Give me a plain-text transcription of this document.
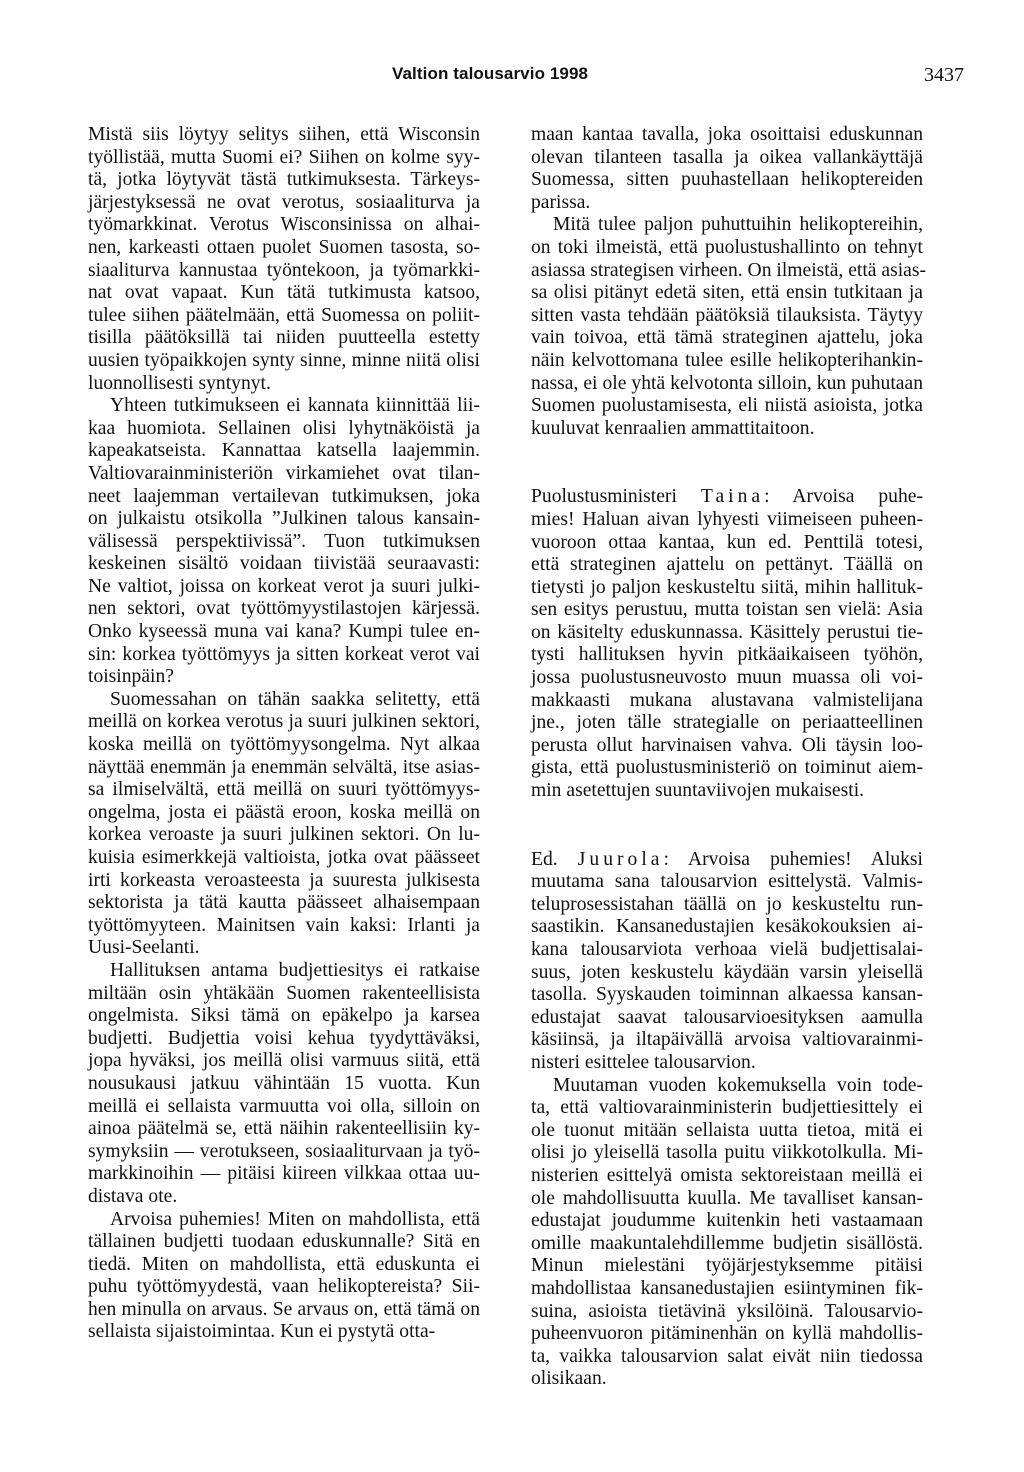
Valtion talousarvio 1998	3437
Mistä siis löytyy selitys siihen, että Wisconsin
työllistää, mutta Suomi ei? Siihen on kolme syy-
tä, jotka löytyvät tästä tutkimuksesta. Tärkeys-
järjestyksessä ne ovat verotus, sosiaaliturva ja
työmarkkinat. Verotus Wisconsinissa on alhai-
nen, karkeasti ottaen puolet Suomen tasosta, so-
siaaliturva kannustaa työntekoon, ja työmarkki-
nat ovat vapaat. Kun tätä tutkimusta katsoo,
tulee siihen päätelmään, että Suomessa on poliit-
tisilla päätöksillä tai niiden puutteella estetty
uusien työpaikkojen synty sinne, minne niitä olisi
luonnollisesti syntynyt.
Yhteen tutkimukseen ei kannata kiinnittää lii-
kaa huomiota. Sellainen olisi lyhytnäköistä ja
kapeakatseista. Kannattaa katsella laajemmin.
Valtiovarainministeriön virkamiehet ovat tilan-
neet laajemman vertailevan tutkimuksen, joka
on julkaistu otsikolla ”Julkinen talous kansain-
välisessä perspektiivissä”. Tuon tutkimuksen
keskeinen sisältö voidaan tiivistää seuraavasti:
Ne valtiot, joissa on korkeat verot ja suuri julki-
nen sektori, ovat työttömyystilastojen kärjessä.
Onko kyseessä muna vai kana? Kumpi tulee en-
sin: korkea työttömyys ja sitten korkeat verot vai
toisinpäin?
Suomessahan on tähän saakka selitetty, että
meillä on korkea verotus ja suuri julkinen sektori,
koska meillä on työttömyysongelma. Nyt alkaa
näyttää enemmän ja enemmän selvältä, itse asias-
sa ilmiselvältä, että meillä on suuri työttömyys-
ongelma, josta ei päästä eroon, koska meillä on
korkea veroaste ja suuri julkinen sektori. On lu-
kuisia esimerkkejä valtioista, jotka ovat päässeet
irti korkeasta veroasteesta ja suuresta julkisesta
sektorista ja tätä kautta päässeet alhaisempaan
työttömyyteen. Mainitsen vain kaksi: Irlanti ja
Uusi-Seelanti.
Hallituksen antama budjettiesitys ei ratkaise
miltään osin yhtäkään Suomen rakenteellisista
ongelmista. Siksi tämä on epäkelpo ja karsea
budjetti. Budjettia voisi kehua tyydyttäväksi,
jopa hyväksi, jos meillä olisi varmuus siitä, että
nousukausi jatkuu vähintään 15 vuotta. Kun
meillä ei sellaista varmuutta voi olla, silloin on
ainoa päätelmä se, että näihin rakenteellisiin ky-
symyksiin — verotukseen, sosiaaliturvaan ja työ-
markkinoihin — pitäisi kiireen vilkkaa ottaa uu-
distava ote.
Arvoisa puhemies! Miten on mahdollista, että
tällainen budjetti tuodaan eduskunnalle? Sitä en
tiedä. Miten on mahdollista, että eduskunta ei
puhu työttömyydestä, vaan helikoptereista? Sii-
hen minulla on arvaus. Se arvaus on, että tämä on
sellaista sijaistoimintaa. Kun ei pystytä otta-
maan kantaa tavalla, joka osoittaisi eduskunnan
olevan tilanteen tasalla ja oikea vallankäyttäjä
Suomessa, sitten puuhastellaan helikoptereiden
parissa.
Mitä tulee paljon puhuttuihin helikoptereihin,
on toki ilmeistä, että puolustushallinto on tehnyt
asiassa strategisen virheen. On ilmeistä, että asias-
sa olisi pitänyt edetä siten, että ensin tutkitaan ja
sitten vasta tehdään päätöksiä tilauksista. Täytyy
vain toivoa, että tämä strateginen ajattelu, joka
näin kelvottomana tulee esille helikopterihankin-
nassa, ei ole yhtä kelvotonta silloin, kun puhutaan
Suomen puolustamisesta, eli niistä asioista, jotka
kuuluvat kenraalien ammattitaitoon.
Puolustusministeri Taina: Arvoisa puhe-
mies! Haluan aivan lyhyesti viimeiseen puheen-
vuoroon ottaa kantaa, kun ed. Penttilä totesi,
että strateginen ajattelu on pettänyt. Täällä on
tietysti jo paljon keskusteltu siitä, mihin hallituk-
sen esitys perustuu, mutta toistan sen vielä: Asia
on käsitelty eduskunnassa. Käsittely perustui tie-
tysti hallituksen hyvin pitkäaikaiseen työhön,
jossa puolustusneuvosto muun muassa oli voi-
makkaasti mukana alustavana valmistelijana
jne., joten tälle strategialle on periaatteellinen
perusta ollut harvinaisen vahva. Oli täysin loo-
gista, että puolustusministeriö on toiminut aiem-
min asetettujen suuntaviivojen mukaisesti.
Ed. Juurola: Arvoisa puhemies! Aluksi
muutama sana talousarvion esittelystä. Valmis-
teluprosessistahan täällä on jo keskusteltu run-
saastikin. Kansanedustajien kesäkokouksien ai-
kana talousarviota verhoaa vielä budjettisalai-
suus, joten keskustelu käydään varsin yleisellä
tasolla. Syyskauden toiminnan alkaessa kansan-
edustajat saavat talousarvioesityksen aamulla
käsiinsä, ja iltapäivällä arvoisa valtiovarainmi-
nisteri esittelee talousarvion.
Muutaman vuoden kokemuksella voin tode-
ta, että valtiovarainministerin budjettiesittely ei
ole tuonut mitään sellaista uutta tietoa, mitä ei
olisi jo yleisellä tasolla puitu viikkotolkulla. Mi-
nisterien esittelyä omista sektoreistaan meillä ei
ole mahdollisuutta kuulla. Me tavalliset kansan-
edustajat joudumme kuitenkin heti vastaamaan
omille maakuntalehdillemme budjetin sisällöstä.
Minun mielestäni työjärjestyksemme pitäisi
mahdollistaa kansanedustajien esiintyminen fik-
suina, asioista tietävinä yksilöinä. Talousarvio-
puheenvuoron pitäminenhän on kyllä mahdollis-
ta, vaikka talousarvion salat eivät niin tiedossa
olisikaan.
